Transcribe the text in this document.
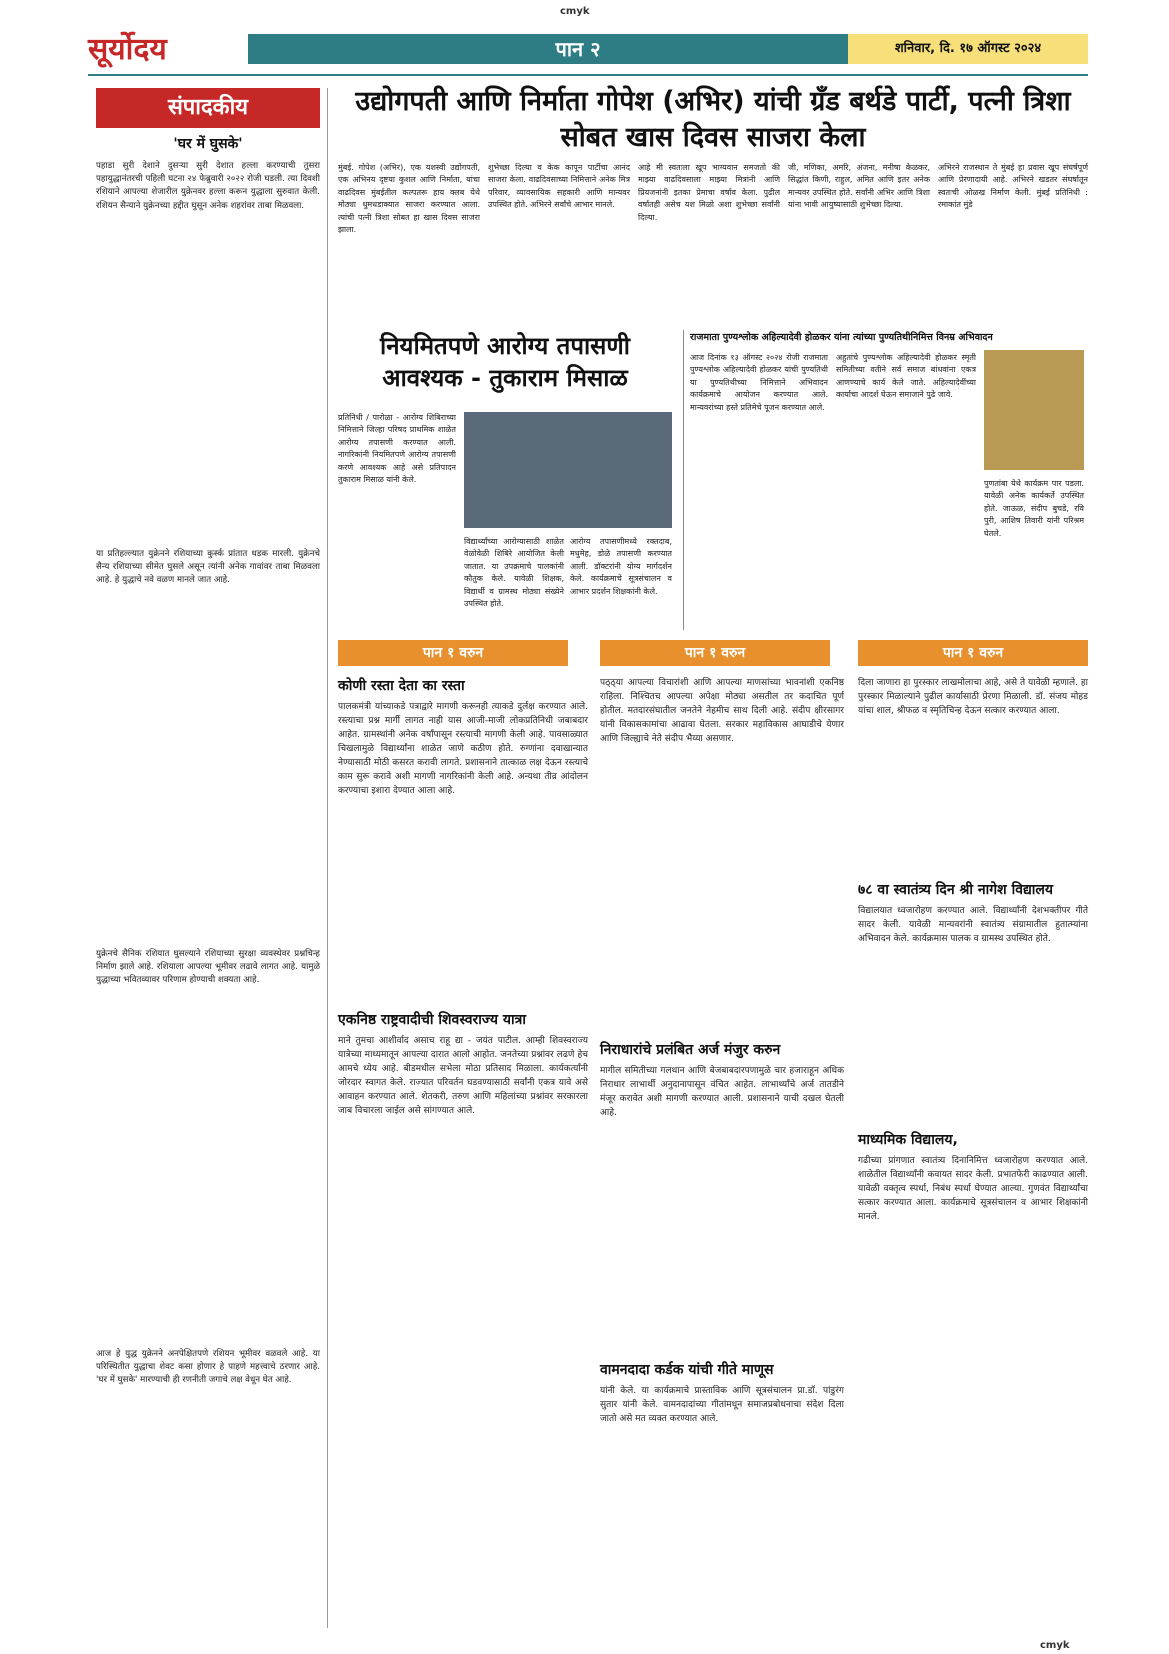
cmyk
सूर्योदय	पान २	शनिवार, दि. १७ ऑगस्ट २०२४
संपादकीय
'घर में घुसके'
पहाडा सुरी देशाने दुसऱ्या सुरी देशात हल्ला करण्याची तुसरा पहायुद्धानंतरची पहिली घटना २४ फेब्रुवारी २०२२ रोजी घडली. त्या दिवशी रशियाने आपल्या शेजारील युक्रेनवर हल्ला करून युद्धाला सुरुवात केली. रशियन सैन्याने युक्रेनच्या हद्दीत घुसून अनेक शहरांवर ताबा मिळवला.
या प्रतिहल्ल्यात युक्रेनने रशियाच्या कुर्स्क प्रांतात धडक मारली. युक्रेनचे सैन्य रशियाच्या सीमेत घुसले असून त्यांनी अनेक गावांवर ताबा मिळवला आहे. हे युद्धाचे नवे वळण मानले जात आहे.
युक्रेनचे सैनिक रशियात घुसल्याने रशियाच्या सुरक्षा व्यवस्थेवर प्रश्नचिन्ह निर्माण झाले आहे. रशियाला आपल्या भूमीवर लढावे लागत आहे. यामुळे युद्धाच्या भवितव्यावर परिणाम होण्याची शक्यता आहे.
आज हे युद्ध युक्रेनने अनपेक्षितपणे रशियन भूमीवर वळवले आहे. या परिस्थितीत युद्धाचा शेवट कसा होणार हे पाहणे महत्त्वाचे ठरणार आहे. 'घर में घुसके' मारण्याची ही रणनीती जगाचे लक्ष वेधून घेत आहे.
उद्योगपती आणि निर्माता गोपेश (अभिर) यांची ग्रँड बर्थडे पार्टी, पत्नी त्रिशा सोबत खास दिवस साजरा केला
मुंबई. गोपेश (अभिर), एक यशस्वी उद्योगपती, एक अभिनय दृष्टया कुशल आणि निर्माता, यांचा वाढदिवस मुंबईतील कल्पतरू हाय क्लब येथे मोठ्या धुमधडाक्यात साजरा करण्यात आला. त्यांची पत्नी त्रिशा सोबत हा खास दिवस साजरा झाला.
शुभेच्छा दिल्या व केक कापून पार्टीचा आनंद साजरा केला. वाढदिवसाच्या निमित्ताने अनेक मित्र परिवार, व्यावसायिक सहकारी आणि मान्यवर उपस्थित होते. अभिरने सर्वांचे आभार मानले.
आहे मी स्वतःला खूप भाग्यवान समजतो की माझ्या वाढदिवसाला माझ्या मित्रांनी आणि प्रियजनांनी इतका प्रेमाचा वर्षाव केला. पुढील वर्षातही असेच यश मिळो अशा शुभेच्छा सर्वांनी दिल्या.
जी, मणिका, अमरि, अंजना, मनीषा केळकर, सिद्धांत किणी, राहुल, अमित आणि इतर अनेक मान्यवर उपस्थित होते. सर्वांनी अभिर आणि त्रिशा यांना भावी आयुष्यासाठी शुभेच्छा दिल्या.
अभिरने राजस्थान ते मुंबई हा प्रवास खूप संघर्षपूर्ण आणि प्रेरणादायी आहे. अभिरने खडतर संघर्षातून स्वतःची ओळख निर्माण केली. मुंबई प्रतिनिधी : रमाकांत मुंडे
नियमितपणे आरोग्य तपासणी आवश्यक - तुकाराम मिसाळ
प्रतिनिधी / पारोळा - आरोग्य शिबिराच्या निमित्ताने जिल्हा परिषद प्राथमिक शाळेत आरोग्य तपासणी करण्यात आली. नागरिकांनी नियमितपणे आरोग्य तपासणी करणे आवश्यक आहे असे प्रतिपादन तुकाराम मिसाळ यांनी केले.
विद्यार्थ्यांच्या आरोग्यासाठी शाळेत वेळोवेळी शिबिरे आयोजित केली जातात. या उपक्रमाचे पालकांनी कौतुक केले. यावेळी शिक्षक, विद्यार्थी व ग्रामस्थ मोठ्या संख्येने उपस्थित होते.
आरोग्य तपासणीमध्ये रक्तदाब, मधुमेह, डोळे तपासणी करण्यात आली. डॉक्टरांनी योग्य मार्गदर्शन केले. कार्यक्रमाचे सूत्रसंचालन व आभार प्रदर्शन शिक्षकांनी केले.
राजमाता पुण्यश्लोक अहिल्यादेवी होळकर यांना त्यांच्या पुण्यतिथीनिमित्त विनम्र अभिवादन
आज दिनांक १३ ऑगस्ट २०२४ रोजी राजमाता पुण्यश्लोक अहिल्यादेवी होळकर यांची पुण्यतिथी या पुण्यतिथीच्या निमित्ताने अभिवादन कार्यक्रमाचे आयोजन करण्यात आले. मान्यवरांच्या हस्ते प्रतिमेचे पूजन करण्यात आले.
अहुतांचे पुण्यश्लोक अहिल्यादेवी होळकर स्मृती समितीच्या वतीने सर्व समाज बांधवांना एकत्र आणण्याचे कार्य केले जाते. अहिल्यादेवींच्या कार्याचा आदर्श घेऊन समाजाने पुढे जावे.
पुणतांबा येथे कार्यक्रम पार पडला. यावेळी अनेक कार्यकर्ते उपस्थित होते. जाऊळ, संदीप बुचडे, रवि पुरी, आशिष तिवारी यांनी परिश्रम घेतले.
पान १ वरुन	पान १ वरुन	पान १ वरुन
कोणी रस्ता देता का रस्ता
पालकमंत्री यांच्याकडे पत्राद्वारे मागणी करूनही त्याकडे दुर्लक्ष करण्यात आले. रस्त्याचा प्रश्न मार्गी लागत नाही यास आजी-माजी लोकप्रतिनिधी जबाबदार आहेत. ग्रामस्थांनी अनेक वर्षांपासून रस्त्याची मागणी केली आहे. पावसाळ्यात चिखलामुळे विद्यार्थ्यांना शाळेत जाणे कठीण होते. रुग्णांना दवाखान्यात नेण्यासाठी मोठी कसरत करावी लागते. प्रशासनाने तात्काळ लक्ष देऊन रस्त्याचे काम सुरू करावे अशी मागणी नागरिकांनी केली आहे. अन्यथा तीव्र आंदोलन करण्याचा इशारा देण्यात आला आहे.
एकनिष्ठ राष्ट्रवादीची शिवस्वराज्य यात्रा
माने तुमचा आशीर्वाद असाच राहू द्या - जयंत पाटील. आम्ही शिवस्वराज्य यात्रेच्या माध्यमातून आपल्या दारात आलो आहोत. जनतेच्या प्रश्नांवर लढणे हेच आमचे ध्येय आहे. बीडमधील सभेला मोठा प्रतिसाद मिळाला. कार्यकर्त्यांनी जोरदार स्वागत केले. राज्यात परिवर्तन घडवण्यासाठी सर्वांनी एकत्र यावे असे आवाहन करण्यात आले. शेतकरी, तरुण आणि महिलांच्या प्रश्नांवर सरकारला जाब विचारला जाईल असे सांगण्यात आले.
पठ्ठ्या आपल्या विचारांशी आणि आपल्या माणसांच्या भावनांशी एकनिष्ठ राहिला. निश्चितच आपल्या अपेक्षा मोठ्या असतील तर कदाचित पूर्ण होतील. मतदारसंघातील जनतेने नेहमीच साथ दिली आहे. संदीप क्षीरसागर यांनी विकासकामांचा आढावा घेतला. सरकार महाविकास आघाडीचे येणार आणि जिल्ह्याचे नेते संदीप भैय्या असणार.
निराधारांचे प्रलंबित अर्ज मंजुर करुन
मागील समितीच्या गलथान आणि बेजबाबदारपणामुळे चार हजाराहून अधिक निराधार लाभार्थी अनुदानापासून वंचित आहेत. लाभार्थ्यांचे अर्ज तातडीने मंजूर करावेत अशी मागणी करण्यात आली. प्रशासनाने याची दखल घेतली आहे.
वामनदादा कर्डक यांची गीते माणूस
यांनी केले. या कार्यक्रमाचे प्रास्ताविक आणि सूत्रसंचालन प्रा.डॉ. पांडुरंग सुतार यांनी केले. वामनदादांच्या गीतांमधून समाजप्रबोधनाचा संदेश दिला जातो असे मत व्यक्त करण्यात आले.
दिला जाणारा हा पुरस्कार लाखमोलाचा आहे, असे ते यावेळी म्हणाले. हा पुरस्कार मिळाल्याने पुढील कार्यासाठी प्रेरणा मिळाली. डॉ. संजय मोहड यांचा शाल, श्रीफळ व स्मृतिचिन्ह देऊन सत्कार करण्यात आला.
७८ वा स्वातंत्र्य दिन श्री नागेश विद्यालय
विद्यालयात ध्वजारोहण करण्यात आले. विद्यार्थ्यांनी देशभक्तीपर गीते सादर केली. यावेळी मान्यवरांनी स्वातंत्र्य संग्रामातील हुतात्म्यांना अभिवादन केले. कार्यक्रमास पालक व ग्रामस्थ उपस्थित होते.
माध्यमिक विद्यालय,
गढीच्या प्रांगणात स्वातंत्र्य दिनानिमित्त ध्वजारोहण करण्यात आले. शाळेतील विद्यार्थ्यांनी कवायत सादर केली. प्रभातफेरी काढण्यात आली. यावेळी वक्तृत्व स्पर्धा, निबंध स्पर्धा घेण्यात आल्या. गुणवंत विद्यार्थ्यांचा सत्कार करण्यात आला. कार्यक्रमाचे सूत्रसंचालन व आभार शिक्षकांनी मानले.
cmyk
